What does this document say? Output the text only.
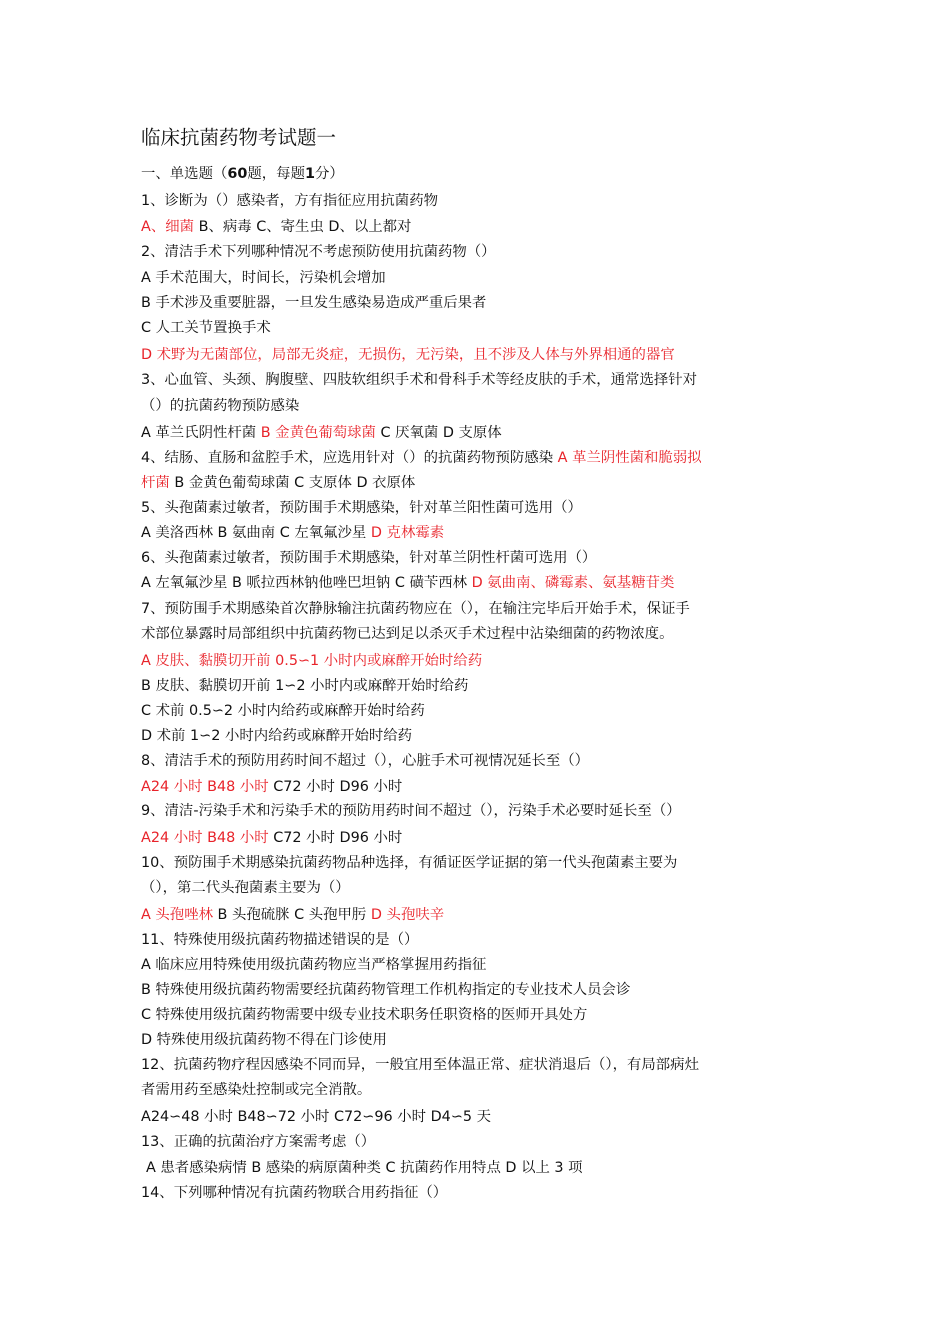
临床抗菌药物考试题一
一、单选题（60题，每题1分）
1、诊断为（）感染者，方有指征应用抗菌药物
A、细菌 B、病毒 C、寄生虫 D、以上都对
2、清洁手术下列哪种情况不考虑预防使用抗菌药物（）
A 手术范围大，时间长，污染机会增加
B 手术涉及重要脏器，一旦发生感染易造成严重后果者
C 人工关节置换手术
D 术野为无菌部位，局部无炎症，无损伤，无污染，且不涉及人体与外界相通的器官
3、心血管、头颈、胸腹壁、四肢软组织手术和骨科手术等经皮肤的手术，通常选择针对
（）的抗菌药物预防感染
A 革兰氏阴性杆菌 B 金黄色葡萄球菌 C 厌氧菌 D 支原体
4、结肠、直肠和盆腔手术，应选用针对（）的抗菌药物预防感染 A 革兰阴性菌和脆弱拟
杆菌 B 金黄色葡萄球菌 C 支原体 D 衣原体
5、头孢菌素过敏者，预防围手术期感染，针对革兰阳性菌可选用（）
A 美洛西林 B 氨曲南 C 左氧氟沙星 D 克林霉素
6、头孢菌素过敏者，预防围手术期感染，针对革兰阴性杆菌可选用（）
A 左氧氟沙星 B 哌拉西林钠他唑巴坦钠 C 磺苄西林 D 氨曲南、磷霉素、氨基糖苷类
7、预防围手术期感染首次静脉输注抗菌药物应在（），在输注完毕后开始手术，保证手
术部位暴露时局部组织中抗菌药物已达到足以杀灭手术过程中沾染细菌的药物浓度。
A 皮肤、黏膜切开前 0.5∽1 小时内或麻醉开始时给药
B 皮肤、黏膜切开前 1∽2 小时内或麻醉开始时给药
C 术前 0.5∽2 小时内给药或麻醉开始时给药
D 术前 1∽2 小时内给药或麻醉开始时给药
8、清洁手术的预防用药时间不超过（），心脏手术可视情况延长至（）
A24 小时 B48 小时 C72 小时 D96 小时
9、清洁-污染手术和污染手术的预防用药时间不超过（），污染手术必要时延长至（）
A24 小时 B48 小时 C72 小时 D96 小时
10、预防围手术期感染抗菌药物品种选择，有循证医学证据的第一代头孢菌素主要为
（），第二代头孢菌素主要为（）
A 头孢唑林 B 头孢硫脒 C 头孢甲肟 D 头孢呋辛
11、特殊使用级抗菌药物描述错误的是（）
A 临床应用特殊使用级抗菌药物应当严格掌握用药指征
B 特殊使用级抗菌药物需要经抗菌药物管理工作机构指定的专业技术人员会诊
C 特殊使用级抗菌药物需要中级专业技术职务任职资格的医师开具处方
D 特殊使用级抗菌药物不得在门诊使用
12、抗菌药物疗程因感染不同而异，一般宜用至体温正常、症状消退后（），有局部病灶
者需用药至感染灶控制或完全消散。
A24∽48 小时 B48∽72 小时 C72∽96 小时 D4∽5 天
13、正确的抗菌治疗方案需考虑（）
A 患者感染病情 B 感染的病原菌种类 C 抗菌药作用特点 D 以上 3 项
14、下列哪种情况有抗菌药物联合用药指征（）
